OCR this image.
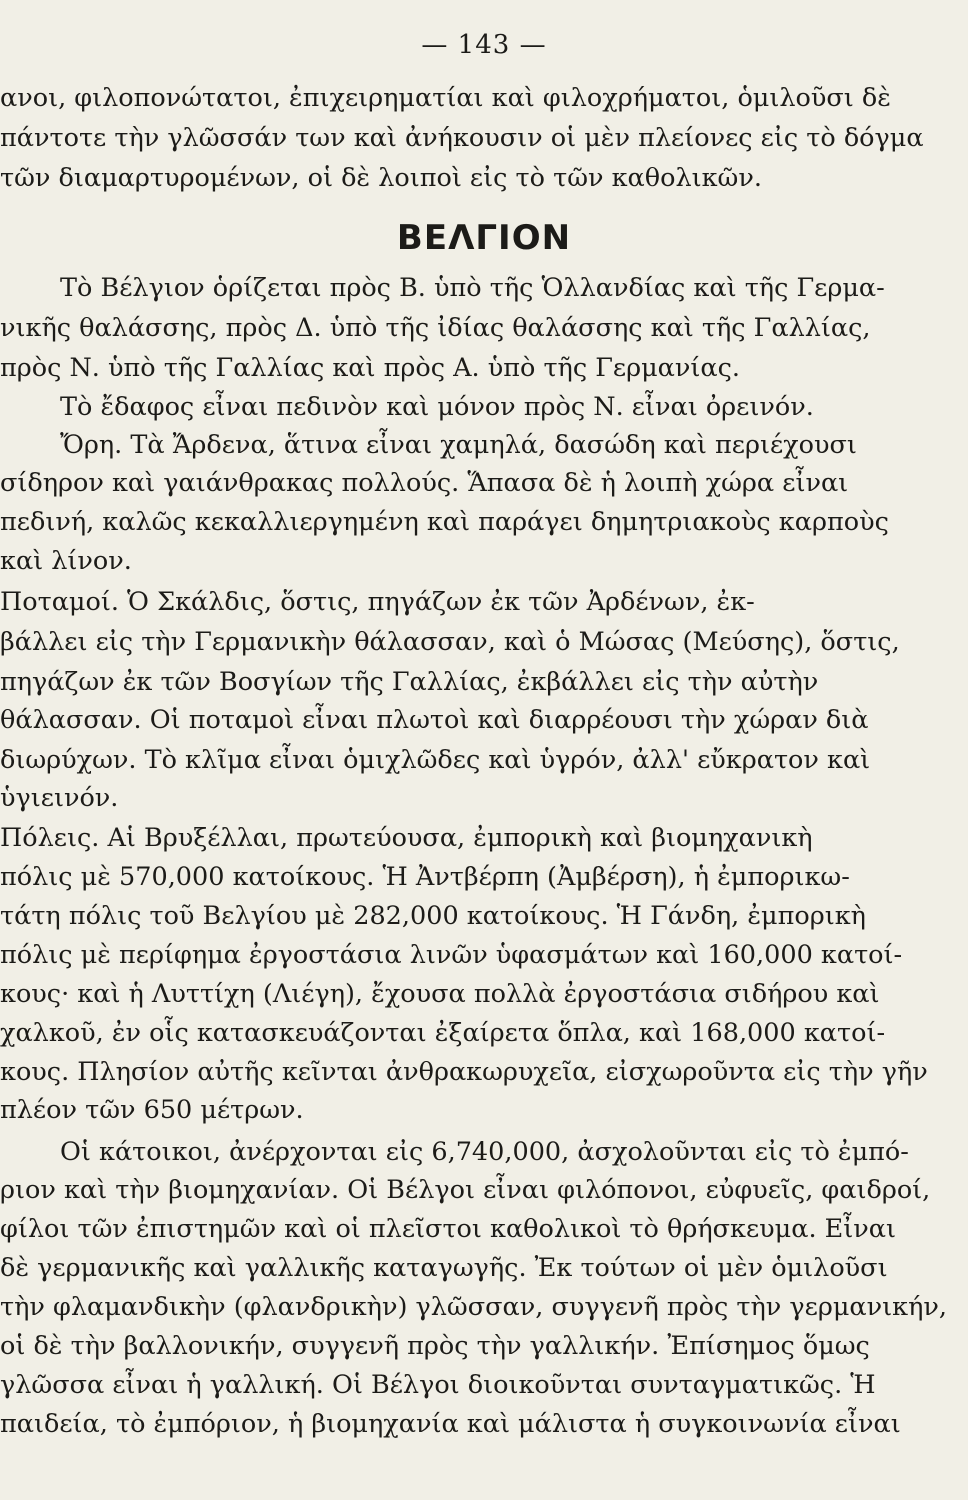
— 143 —
ανοι, φιλοπονώτατοι, ἐπιχειρηματίαι καὶ φιλοχρήματοι, ὁμιλοῦσι δὲ
πάντοτε τὴν γλῶσσάν των καὶ ἀνήκουσιν οἱ μὲν πλείονες εἰς τὸ δόγμα
τῶν διαμαρτυρομένων, οἱ δὲ λοιποὶ εἰς τὸ τῶν καθολικῶν.
ΒΕΛΓΙΟΝ
Τὸ Βέλγιον ὁρίζεται πρὸς Β. ὑπὸ τῆς Ὁλλανδίας καὶ τῆς Γερμα-
νικῆς θαλάσσης, πρὸς Δ. ὑπὸ τῆς ἰδίας θαλάσσης καὶ τῆς Γαλλίας,
πρὸς Ν. ὑπὸ τῆς Γαλλίας καὶ πρὸς Α. ὑπὸ τῆς Γερμανίας.
Τὸ ἔδαφος εἶναι πεδινὸν καὶ μόνον πρὸς Ν. εἶναι ὀρεινόν.
Ὄρη. Τὰ Ἄρδενα, ἅτινα εἶναι χαμηλά, δασώδη καὶ περιέχουσι
σίδηρον καὶ γαιάνθρακας πολλούς. Ἅπασα δὲ ἡ λοιπὴ χώρα εἶναι
πεδινή, καλῶς κεκαλλιεργημένη καὶ παράγει δημητριακοὺς καρποὺς
καὶ λίνον.
Ποταμοί. Ὁ Σκάλδις, ὅστις, πηγάζων ἐκ τῶν Ἀρδένων, ἐκ-
βάλλει εἰς τὴν Γερμανικὴν θάλασσαν, καὶ ὁ Μώσας (Μεύσης), ὅστις,
πηγάζων ἐκ τῶν Βοσγίων τῆς Γαλλίας, ἐκβάλλει εἰς τὴν αὐτὴν
θάλασσαν. Οἱ ποταμοὶ εἶναι πλωτοὶ καὶ διαρρέουσι τὴν χώραν διὰ
διωρύχων. Τὸ κλῖμα εἶναι ὁμιχλῶδες καὶ ὑγρόν, ἀλλ' εὔκρατον καὶ
ὑγιεινόν.
Πόλεις. Αἱ Βρυξέλλαι, πρωτεύουσα, ἐμπορικὴ καὶ βιομηχανικὴ
πόλις μὲ 570,000 κατοίκους. Ἡ Ἀντβέρπη (Ἀμβέρση), ἡ ἐμπορικω-
τάτη πόλις τοῦ Βελγίου μὲ 282,000 κατοίκους. Ἡ Γάνδη, ἐμπορικὴ
πόλις μὲ περίφημα ἐργοστάσια λινῶν ὑφασμάτων καὶ 160,000 κατοί-
κους· καὶ ἡ Λυττίχη (Λιέγη), ἔχουσα πολλὰ ἐργοστάσια σιδήρου καὶ
χαλκοῦ, ἐν οἷς κατασκευάζονται ἐξαίρετα ὅπλα, καὶ 168,000 κατοί-
κους. Πλησίον αὐτῆς κεῖνται ἀνθρακωρυχεῖα, εἰσχωροῦντα εἰς τὴν γῆν
πλέον τῶν 650 μέτρων.
Οἱ κάτοικοι, ἀνέρχονται εἰς 6,740,000, ἀσχολοῦνται εἰς τὸ ἐμπό-
ριον καὶ τὴν βιομηχανίαν. Οἱ Βέλγοι εἶναι φιλόπονοι, εὐφυεῖς, φαιδροί,
φίλοι τῶν ἐπιστημῶν καὶ οἱ πλεῖστοι καθολικοὶ τὸ θρήσκευμα. Εἶναι
δὲ γερμανικῆς καὶ γαλλικῆς καταγωγῆς. Ἐκ τούτων οἱ μὲν ὁμιλοῦσι
τὴν φλαμανδικὴν (φλανδρικὴν) γλῶσσαν, συγγενῆ πρὸς τὴν γερμανικήν,
οἱ δὲ τὴν βαλλονικήν, συγγενῆ πρὸς τὴν γαλλικήν. Ἐπίσημος ὅμως
γλῶσσα εἶναι ἡ γαλλική. Οἱ Βέλγοι διοικοῦνται συνταγματικῶς. Ἡ
παιδεία, τὸ ἐμπόριον, ἡ βιομηχανία καὶ μάλιστα ἡ συγκοινωνία εἶναι
